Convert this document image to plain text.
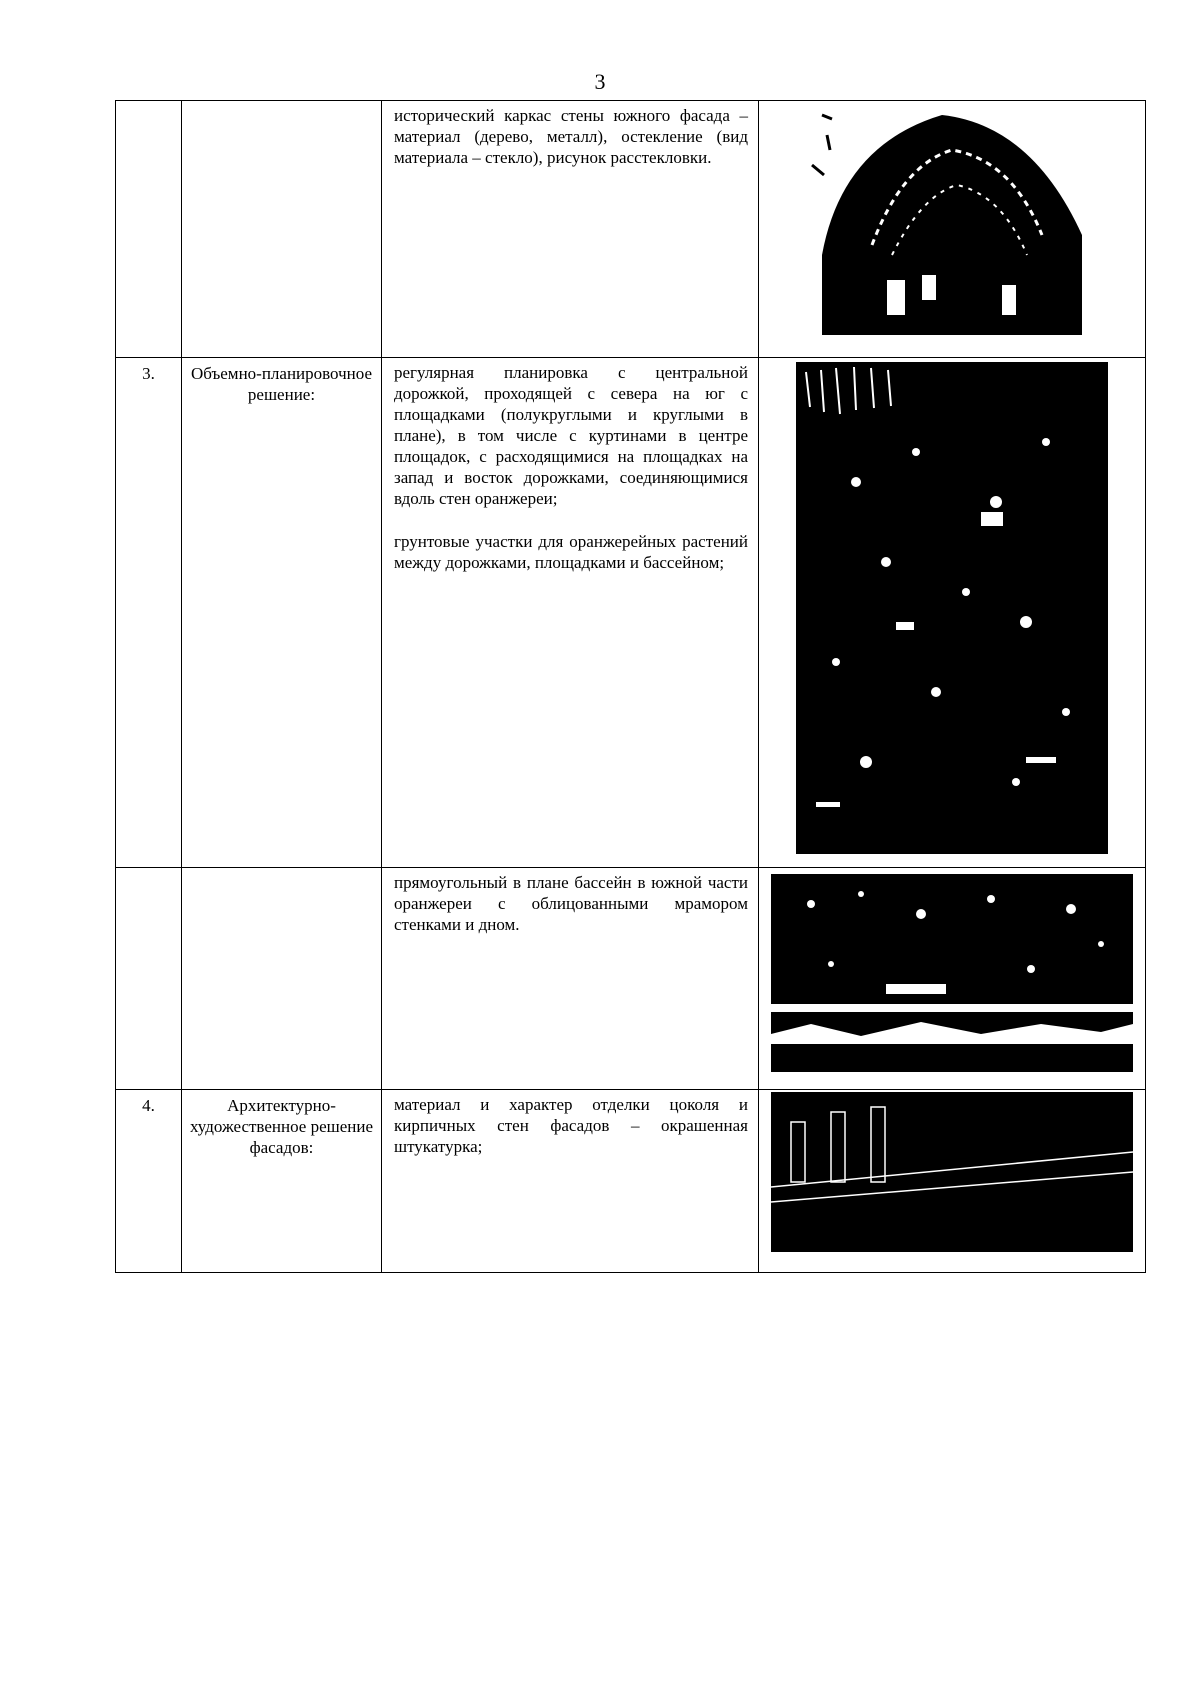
3

		исторический каркас стены южного фасада – материал (дерево, металл), остекление (вид материала – стекло), рисунок расстекловки.

3.	Объемно-планировочное решение:	регулярная планировка с центральной дорожкой, проходящей с севера на юг с площадками (полукруглыми и круглыми в плане), в том числе с куртинами в центре площадок, с расходящимися на площадках на запад и восток дорожками, соединяющимися вдоль стен оранжереи;

грунтовые участки для оранжерейных растений между дорожками, площадками и бассейном;

		прямоугольный в плане бассейн в южной части оранжереи с облицованными мрамором стенками и дном.

4.	Архитектурно-художественное решение фасадов:	материал и характер отделки цоколя и кирпичных стен фасадов – окрашенная штукатурка;
